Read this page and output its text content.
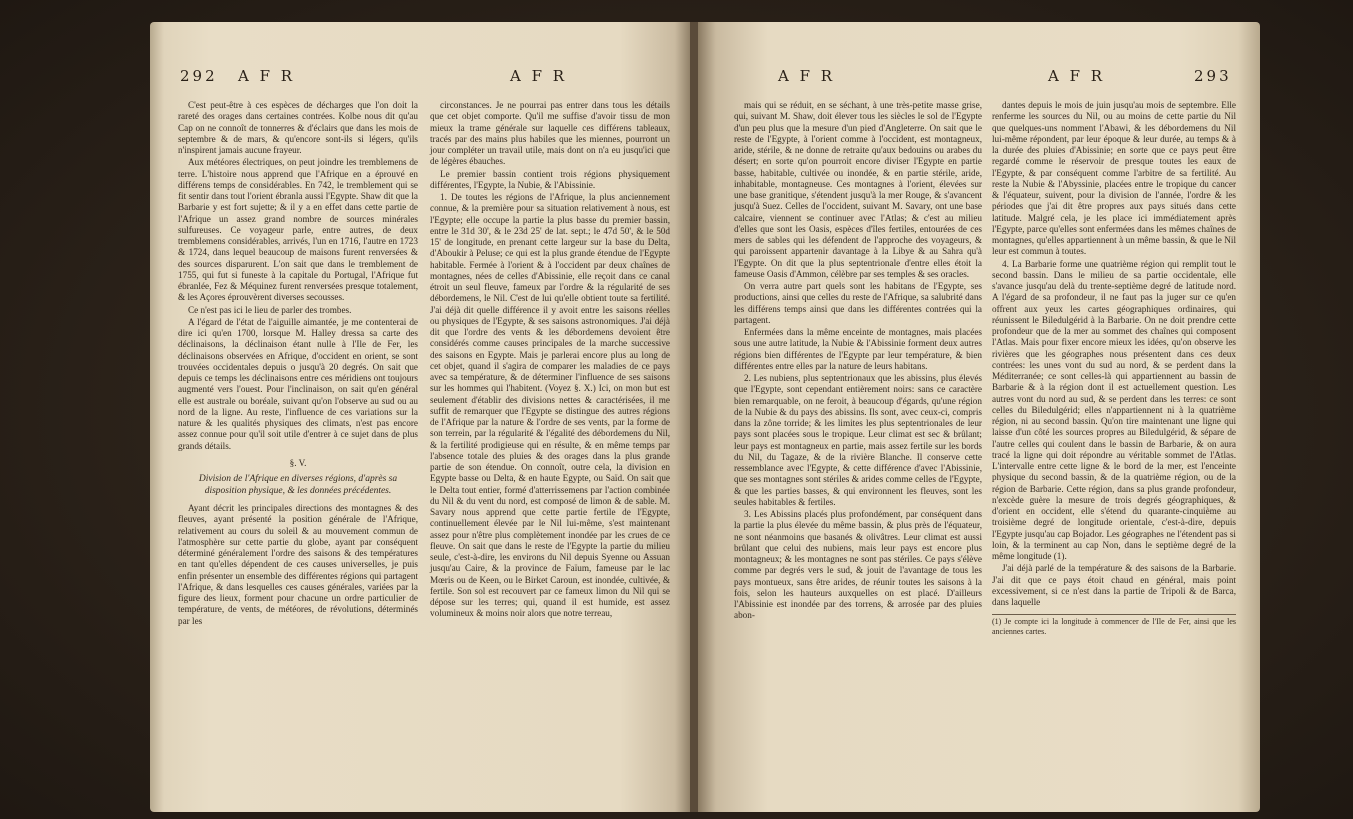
292 A F R	A F R

C'est peut-être à ces espèces de décharges que l'on doit la rareté des orages dans certaines contrées. Kolbe nous dit qu'au Cap on ne connoît de tonnerres & d'éclairs que dans les mois de septembre & de mars, & qu'encore sont-ils si légers, qu'ils n'inspirent jamais aucune frayeur.

Aux météores électriques, on peut joindre les tremblemens de terre. L'histoire nous apprend que l'Afrique en a éprouvé en différens temps de considérables. En 742, le tremblement qui se fit sentir dans tout l'orient ébranla aussi l'Egypte. Shaw dit que la Barbarie y est fort sujette; & il y a en effet dans cette partie de l'Afrique un assez grand nombre de sources minérales sulfureuses. Ce voyageur parle, entre autres, de deux tremblemens considérables, arrivés, l'un en 1716, l'autre en 1723 & 1724, dans lequel beaucoup de maisons furent renversées & des sources disparurent. L'on sait que dans le tremblement de 1755, qui fut si funeste à la capitale du Portugal, l'Afrique fut ébranlée, Fez & Méquinez furent renversées presque totalement, & les Açores éprouvèrent diverses secousses.

Ce n'est pas ici le lieu de parler des trombes.

A l'égard de l'état de l'aiguille aimantée, je me contenterai de dire ici qu'en 1700, lorsque M. Halley dressa sa carte des déclinaisons, la déclinaison étant nulle à l'Ile de Fer, les déclinaisons observées en Afrique, d'occident en orient, se sont trouvées occidentales depuis o jusqu'à 20 degrés. On sait que depuis ce temps les déclinaisons entre ces méridiens ont toujours augmenté vers l'ouest. Pour l'inclinaison, on sait qu'en général elle est australe ou boréale, suivant qu'on l'observe au sud ou au nord de la ligne. Au reste, l'influence de ces variations sur la nature & les qualités physiques des climats, n'est pas encore assez connue pour qu'il soit utile d'entrer à ce sujet dans de plus grands détails.

§. V.

Division de l'Afrique en diverses régions, d'après sa disposition physique, & les données précédentes.

Ayant décrit les principales directions des montagnes & des fleuves, ayant présenté la position générale de l'Afrique, relativement au cours du soleil & au mouvement commun de l'atmosphère sur cette partie du globe, ayant par conséquent déterminé généralement l'ordre des saisons & des températures en tant qu'elles dépendent de ces causes universelles, je puis enfin présenter un ensemble des différentes régions qui partagent l'Afrique, & dans lesquelles ces causes générales, variées par la figure des lieux, forment pour chacune un ordre particulier de température, de vents, de météores, de révolutions, déterminés par les

circonstances. Je ne pourrai pas entrer dans tous les détails que cet objet comporte. Qu'il me suffise d'avoir tissu de mon mieux la trame générale sur laquelle ces différens tableaux, tracés par des mains plus habiles que les miennes, pourront un jour compléter un travail utile, mais dont on n'a eu jusqu'ici que de légères ébauches.

Le premier bassin contient trois régions physiquement différentes, l'Egypte, la Nubie, & l'Abissinie.

1. De toutes les régions de l'Afrique, la plus anciennement connue, & la première pour sa situation relativement à nous, est l'Egypte; elle occupe la partie la plus basse du premier bassin, entre le 31d 30', & le 23d 25' de lat. sept.; le 47d 50', & le 50d 15' de longitude, en prenant cette largeur sur la base du Delta, d'Aboukir à Peluse; ce qui est la plus grande étendue de l'Egypte habitable. Fermée à l'orient & à l'occident par deux chaînes de montagnes, nées de celles d'Abissinie, elle reçoit dans ce canal étroit un seul fleuve, fameux par l'ordre & la régularité de ses débordemens, le Nil. C'est de lui qu'elle obtient toute sa fertilité. J'ai déjà dit quelle différence il y avoit entre les saisons réelles ou physiques de l'Egypte, & ses saisons astronomiques. J'ai déjà dit que l'ordre des vents & les débordemens devoient être considérés comme causes principales de la marche successive des saisons en Egypte. Mais je parlerai encore plus au long de cet objet, quand il s'agira de comparer les maladies de ce pays avec sa température, & de déterminer l'influence de ses saisons sur les hommes qui l'habitent. (Voyez §. X.) Ici, on mon but est seulement d'établir des divisions nettes & caractérisées, il me suffit de remarquer que l'Egypte se distingue des autres régions de l'Afrique par la nature & l'ordre de ses vents, par la forme de son terrein, par la régularité & l'égalité des débordemens du Nil, & la fertilité prodigieuse qui en résulte, & en même temps par l'absence totale des pluies & des orages dans la plus grande partie de son étendue. On connoît, outre cela, la division en Egypte basse ou Delta, & en haute Egypte, ou Saïd. On sait que le Delta tout entier, formé d'atterrissemens par l'action combinée du Nil & du vent du nord, est composé de limon & de sable. M. Savary nous apprend que cette partie fertile de l'Egypte, continuellement élevée par le Nil lui-même, s'est maintenant assez pour n'être plus complètement inondée par les crues de ce fleuve. On sait que dans le reste de l'Egypte la partie du milieu seule, c'est-à-dire, les environs du Nil depuis Syenne ou Assuan jusqu'au Caire, & la province de Faïum, fameuse par le lac Mœris ou de Keen, ou le Birket Caroun, est inondée, cultivée, & fertile. Son sol est recouvert par ce fameux limon du Nil qui se dépose sur les terres; qui, quand il est humide, est assez volumineux & moins noir alors que notre terreau,

A F R	A F R	293

mais qui se réduit, en se séchant, à une très-petite masse grise, qui, suivant M. Shaw, doit élever tous les siècles le sol de l'Egypte d'un peu plus que la mesure d'un pied d'Angleterre. On sait que le reste de l'Egypte, à l'orient comme à l'occident, est montagneux, aride, stérile, & ne donne de retraite qu'aux bedouins ou arabes du désert; en sorte qu'on pourroit encore diviser l'Egypte en partie basse, habitable, cultivée ou inondée, & en partie stérile, aride, inhabitable, montagneuse. Ces montagnes à l'orient, élevées sur une base granitique, s'étendent jusqu'à la mer Rouge, & s'avancent jusqu'à Suez. Celles de l'occident, suivant M. Savary, ont une base calcaire, viennent se continuer avec l'Atlas; & c'est au milieu d'elles que sont les Oasis, espèces d'îles fertiles, entourées de ces mers de sables qui les défendent de l'approche des voyageurs, & qui paroissent appartenir davantage à la Libye & au Sahra qu'à l'Egypte. On dit que la plus septentrionale d'entre elles étoit la fameuse Oasis d'Ammon, célèbre par ses temples & ses oracles.

On verra autre part quels sont les habitans de l'Egypte, ses productions, ainsi que celles du reste de l'Afrique, sa salubrité dans les différens temps ainsi que dans les différentes contrées qui la partagent.

Enfermées dans la même enceinte de montagnes, mais placées sous une autre latitude, la Nubie & l'Abissinie forment deux autres régions bien différentes de l'Egypte par leur température, & bien différentes entre elles par la nature de leurs habitans.

2. Les nubiens, plus septentrionaux que les abissins, plus élevés que l'Egypte, sont cependant entièrement noirs: sans ce caractère bien remarquable, on ne feroit, à beaucoup d'égards, qu'une région de la Nubie & du pays des abissins. Ils sont, avec ceux-ci, compris dans la zône torride; & les limites les plus septentrionales de leur pays sont placées sous le tropique. Leur climat est sec & brûlant; leur pays est montagneux en partie, mais assez fertile sur les bords du Nil, du Tagaze, & de la rivière Blanche. Il conserve cette ressemblance avec l'Egypte, & cette différence d'avec l'Abissinie, que ses montagnes sont stériles & arides comme celles de l'Egypte, & que les parties basses, & qui environnent les fleuves, sont les seules habitables & fertiles.

3. Les Abissins placés plus profondément, par conséquent dans la partie la plus élevée du même bassin, & plus près de l'équateur, ne sont néanmoins que basanés & olivâtres. Leur climat est aussi brûlant que celui des nubiens, mais leur pays est encore plus montagneux; & les montagnes ne sont pas stériles. Ce pays s'élève comme par degrés vers le sud, & jouit de l'avantage de tous les pays montueux, sans être arides, de réunir toutes les saisons à la fois, selon les hauteurs auxquelles on est placé. D'ailleurs l'Abissinie est inondée par des torrens, & arrosée par des pluies abon-

dantes depuis le mois de juin jusqu'au mois de septembre. Elle renferme les sources du Nil, ou au moins de cette partie du Nil que quelques-uns nomment l'Abawi, & les débordemens du Nil lui-même répondent, par leur époque & leur durée, au temps & à la durée des pluies d'Abissinie; en sorte que ce pays peut être regardé comme le réservoir de presque toutes les eaux de l'Egypte, & par conséquent comme l'arbitre de sa fertilité. Au reste la Nubie & l'Abyssinie, placées entre le tropique du cancer & l'équateur, suivent, pour la division de l'année, l'ordre & les périodes que j'ai dit être propres aux pays situés dans cette latitude. Malgré cela, je les place ici immédiatement après l'Egypte, parce qu'elles sont enfermées dans les mêmes chaînes de montagnes, qu'elles appartiennent à un même bassin, & que le Nil leur est commun à toutes.

4. La Barbarie forme une quatrième région qui remplit tout le second bassin. Dans le milieu de sa partie occidentale, elle s'avance jusqu'au delà du trente-septième degré de latitude nord. A l'égard de sa profondeur, il ne faut pas la juger sur ce qu'en offrent aux yeux les cartes géographiques ordinaires, qui réunissent le Biledulgérid à la Barbarie. On ne doit prendre cette profondeur que de la mer au sommet des chaînes qui composent l'Atlas. Mais pour fixer encore mieux les idées, qu'on observe les rivières que les géographes nous présentent dans ces deux contrées: les unes vont du sud au nord, & se perdent dans la Méditerranée; ce sont celles-là qui appartiennent au bassin de Barbarie & à la région dont il est actuellement question. Les autres vont du nord au sud, & se perdent dans les terres: ce sont celles du Biledulgérid; elles n'appartiennent ni à la quatrième région, ni au second bassin. Qu'on tire maintenant une ligne qui laisse d'un côté les sources propres au Biledulgérid, & sépare de l'autre celles qui coulent dans le bassin de Barbarie, & on aura tracé la ligne qui doit répondre au véritable sommet de l'Atlas. L'intervalle entre cette ligne & le bord de la mer, est l'enceinte physique du second bassin, & de la quatrième région, ou de la région de Barbarie. Cette région, dans sa plus grande profondeur, n'excède guère la mesure de trois degrés géographiques, & d'orient en occident, elle s'étend du quarante-cinquième au troisième degré de longitude orientale, c'est-à-dire, depuis l'Egypte jusqu'au cap Bojador. Les géographes ne l'étendent pas si loin, & la terminent au cap Non, dans le septième degré de la même longitude (1).

J'ai déjà parlé de la température & des saisons de la Barbarie. J'ai dit que ce pays étoit chaud en général, mais point excessivement, si ce n'est dans la partie de Tripoli & de Barca, dans laquelle

(1) Je compte ici la longitude à commencer de l'Ile de Fer, ainsi que les anciennes cartes.
